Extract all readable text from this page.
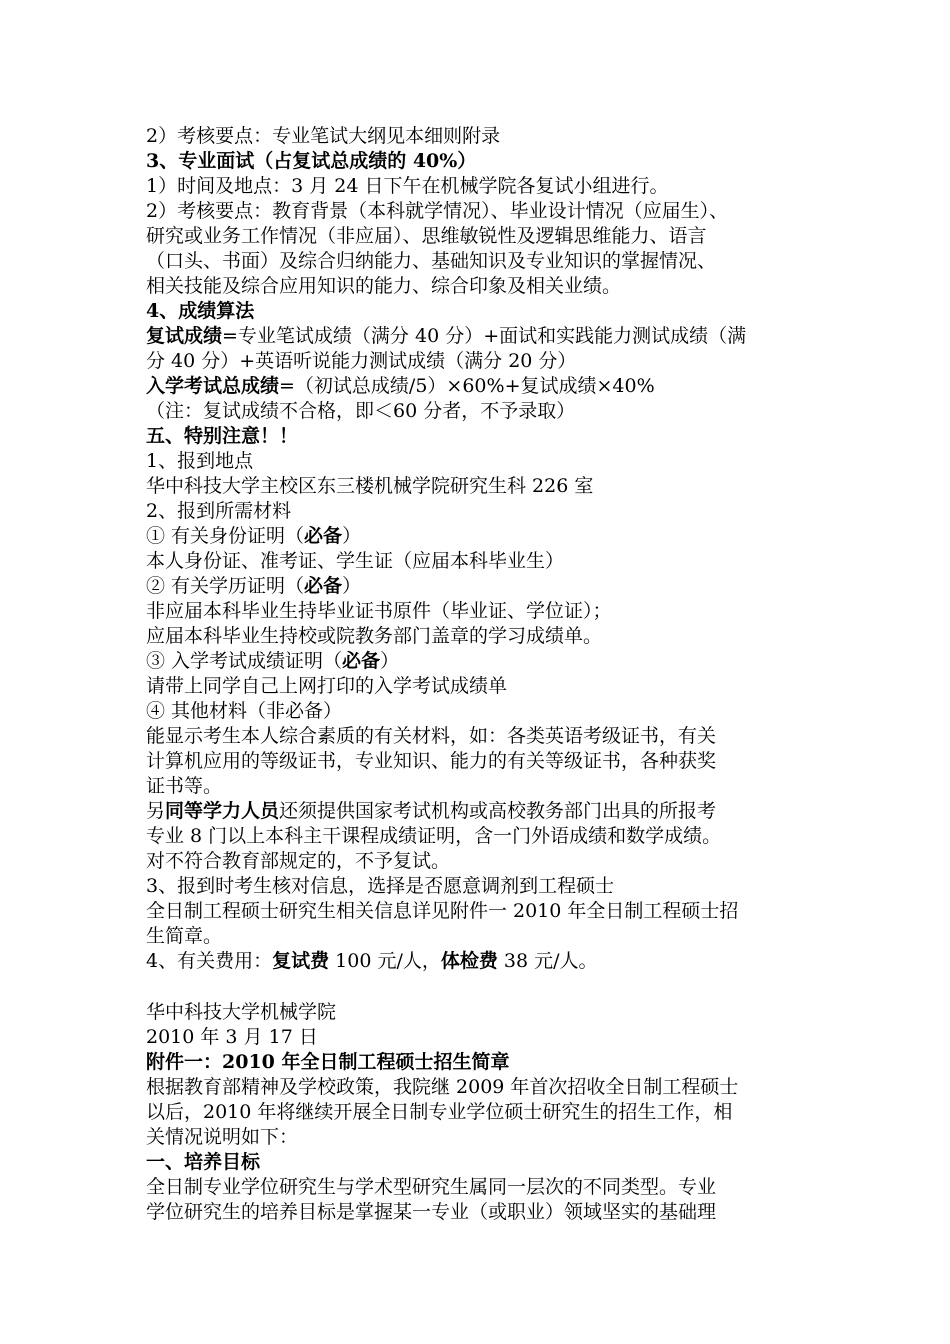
2）考核要点：专业笔试大纲见本细则附录
3、专业面试（占复试总成绩的 40%）
1）时间及地点：3 月 24 日下午在机械学院各复试小组进行。
2）考核要点：教育背景（本科就学情况）、毕业设计情况（应届生）、
研究或业务工作情况（非应届）、思维敏锐性及逻辑思维能力、语言
（口头、书面）及综合归纳能力、基础知识及专业知识的掌握情况、
相关技能及综合应用知识的能力、综合印象及相关业绩。
4、成绩算法
复试成绩=专业笔试成绩（满分 40 分）+面试和实践能力测试成绩（满
分 40 分）+英语听说能力测试成绩（满分 20 分）
入学考试总成绩=（初试总成绩/5）×60%+复试成绩×40%
（注：复试成绩不合格，即＜60 分者，不予录取）
五、特别注意！！
1、报到地点
华中科技大学主校区东三楼机械学院研究生科 226 室
2、报到所需材料
① 有关身份证明（必备）
本人身份证、准考证、学生证（应届本科毕业生）
② 有关学历证明（必备）
非应届本科毕业生持毕业证书原件（毕业证、学位证）；
应届本科毕业生持校或院教务部门盖章的学习成绩单。
③ 入学考试成绩证明（必备）
请带上同学自己上网打印的入学考试成绩单
④ 其他材料（非必备）
能显示考生本人综合素质的有关材料，如：各类英语考级证书，有关
计算机应用的等级证书，专业知识、能力的有关等级证书，各种获奖
证书等。
另同等学力人员还须提供国家考试机构或高校教务部门出具的所报考
专业 8 门以上本科主干课程成绩证明，含一门外语成绩和数学成绩。
对不符合教育部规定的，不予复试。
3、报到时考生核对信息，选择是否愿意调剂到工程硕士
全日制工程硕士研究生相关信息详见附件一 2010 年全日制工程硕士招
生简章。
4、有关费用：复试费 100 元/人，体检费 38 元/人。
华中科技大学机械学院
2010 年 3 月 17 日
附件一：2010 年全日制工程硕士招生简章
根据教育部精神及学校政策，我院继 2009 年首次招收全日制工程硕士
以后，2010 年将继续开展全日制专业学位硕士研究生的招生工作，相
关情况说明如下：
一、培养目标
全日制专业学位研究生与学术型研究生属同一层次的不同类型。专业
学位研究生的培养目标是掌握某一专业（或职业）领域坚实的基础理
